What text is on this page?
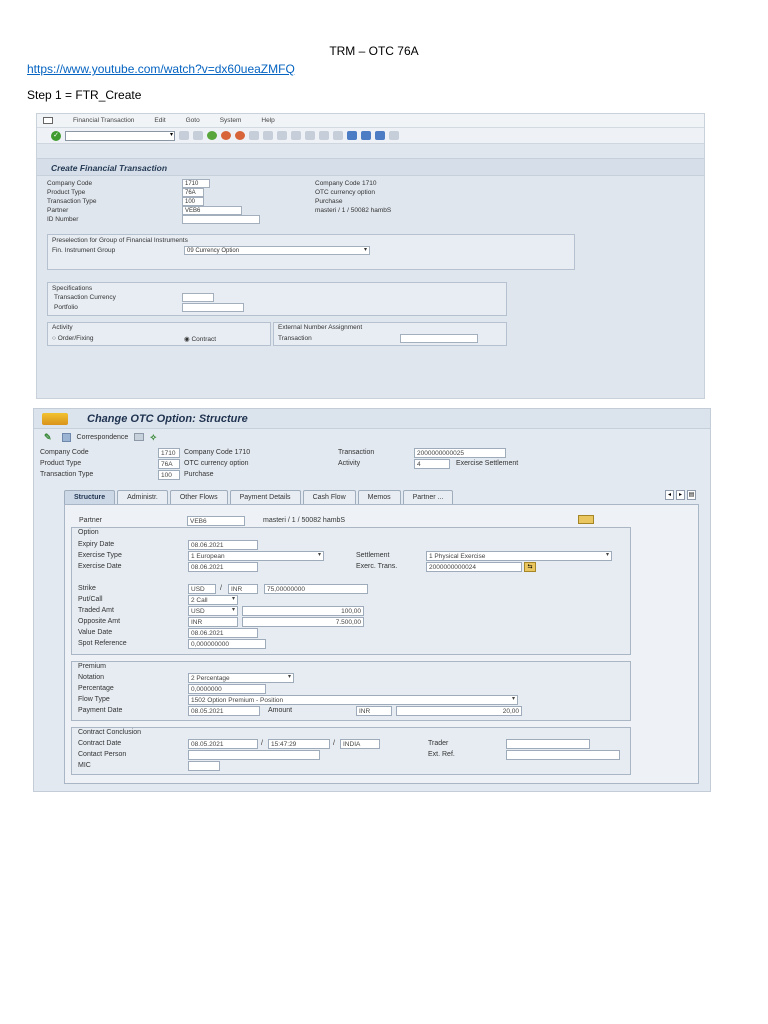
TRM – OTC 76A
https://www.youtube.com/watch?v=dx60ueaZMFQ
Step 1 = FTR_Create
Financial Transaction	Edit	Goto	System	Help
✓	▾
Create Financial Transaction
Company Code	1710	Company Code 1710
Product Type	76A	OTC currency option
Transaction Type	100	Purchase
Partner	VEB6	masteri / 1 / 50082 hambS
ID Number
Preselection for Group of Financial Instruments
Fin. Instrument Group	09 Currency Option	▾
Specifications
Transaction Currency
Portfolio
Activity
○ Order/Fixing	◉ Contract
External Number Assignment
Transaction
Change OTC Option: Structure
✎	Correspondence ⟡
Company Code	1710	Company Code 1710	Transaction	2000000000025
Product Type	76A	OTC currency option	Activity	4	Exercise Settlement
Transaction Type	100	Purchase
Structure	Administr.	Other Flows	Payment Details	Cash Flow	Memos	Partner ...	◂	▸	▤
Partner	VEB6	masteri / 1 / 50082 hambS
Option
Expiry Date	08.06.2021
Exercise Type	1 European	▾	Settlement	1 Physical Exercise	▾
Exercise Date	08.06.2021	Exerc. Trans.	2000000000024	⇆
Strike	USD	/	INR	75,00000000
Put/Call	2 Call	▾
Traded Amt	USD	▾	100,00
Opposite Amt	INR	7.500,00
Value Date	08.06.2021
Spot Reference	0,000000000
Premium
Notation	2 Percentage	▾
Percentage	0,0000000
Flow Type	1502 Option Premium - Position	▾
Payment Date	08.05.2021	Amount	INR	20,00
Contract Conclusion
Contract Date	08.05.2021	/	15:47:29	/	INDIA	Trader
Contact Person	Ext. Ref.
MIC
